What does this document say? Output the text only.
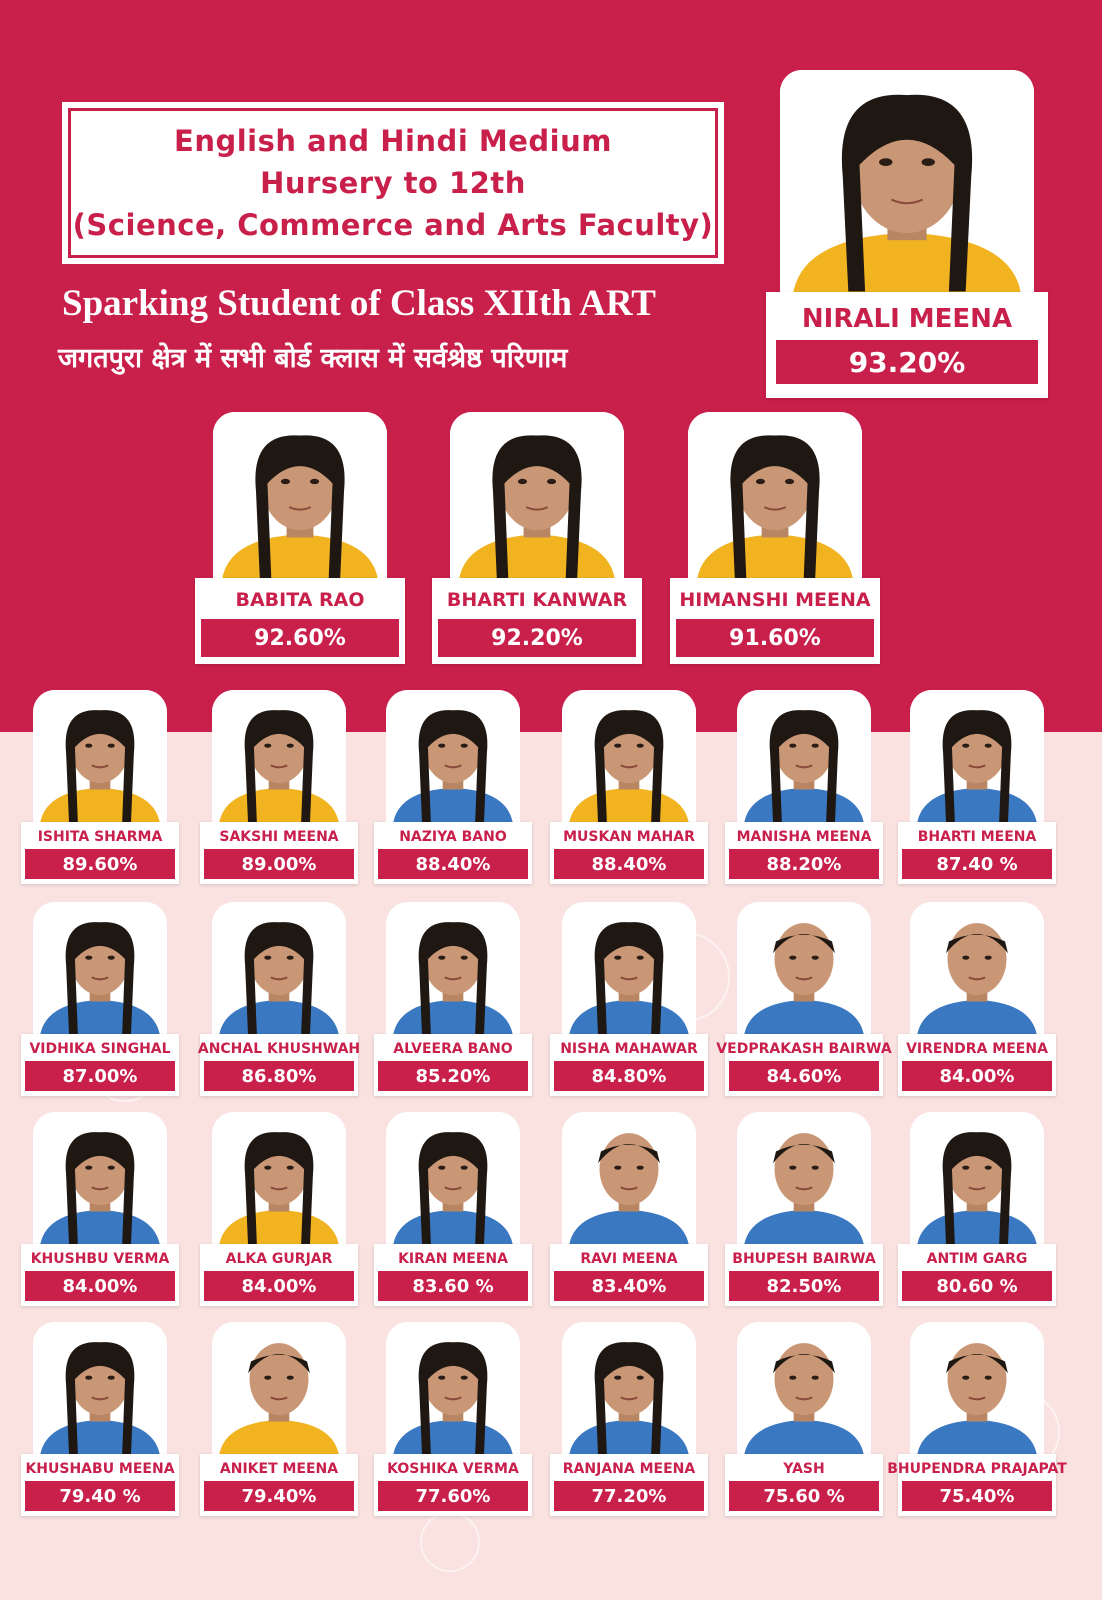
English and Hindi Medium
Hursery to 12th
(Science, Commerce and Arts Faculty)
Sparking Student of Class XIIth ART
जगतपुरा क्षेत्र में सभी बोर्ड क्लास में सर्वश्रेष्ठ परिणाम
NIRALI MEENA
93.20%
BABITA RAO
92.60%
BHARTI KANWAR
92.20%
HIMANSHI MEENA
91.60%
ISHITA SHARMA
89.60%
SAKSHI MEENA
89.00%
NAZIYA BANO
88.40%
MUSKAN MAHAR
88.40%
MANISHA MEENA
88.20%
BHARTI MEENA
87.40 %
VIDHIKA SINGHAL
87.00%
ANCHAL KHUSHWAH
86.80%
ALVEERA BANO
85.20%
NISHA MAHAWAR
84.80%
VEDPRAKASH BAIRWA
84.60%
VIRENDRA MEENA
84.00%
KHUSHBU VERMA
84.00%
ALKA GURJAR
84.00%
KIRAN MEENA
83.60 %
RAVI MEENA
83.40%
BHUPESH BAIRWA
82.50%
ANTIM GARG
80.60 %
KHUSHABU MEENA
79.40 %
ANIKET MEENA
79.40%
KOSHIKA VERMA
77.60%
RANJANA MEENA
77.20%
YASH
75.60 %
BHUPENDRA PRAJAPAT
75.40%
